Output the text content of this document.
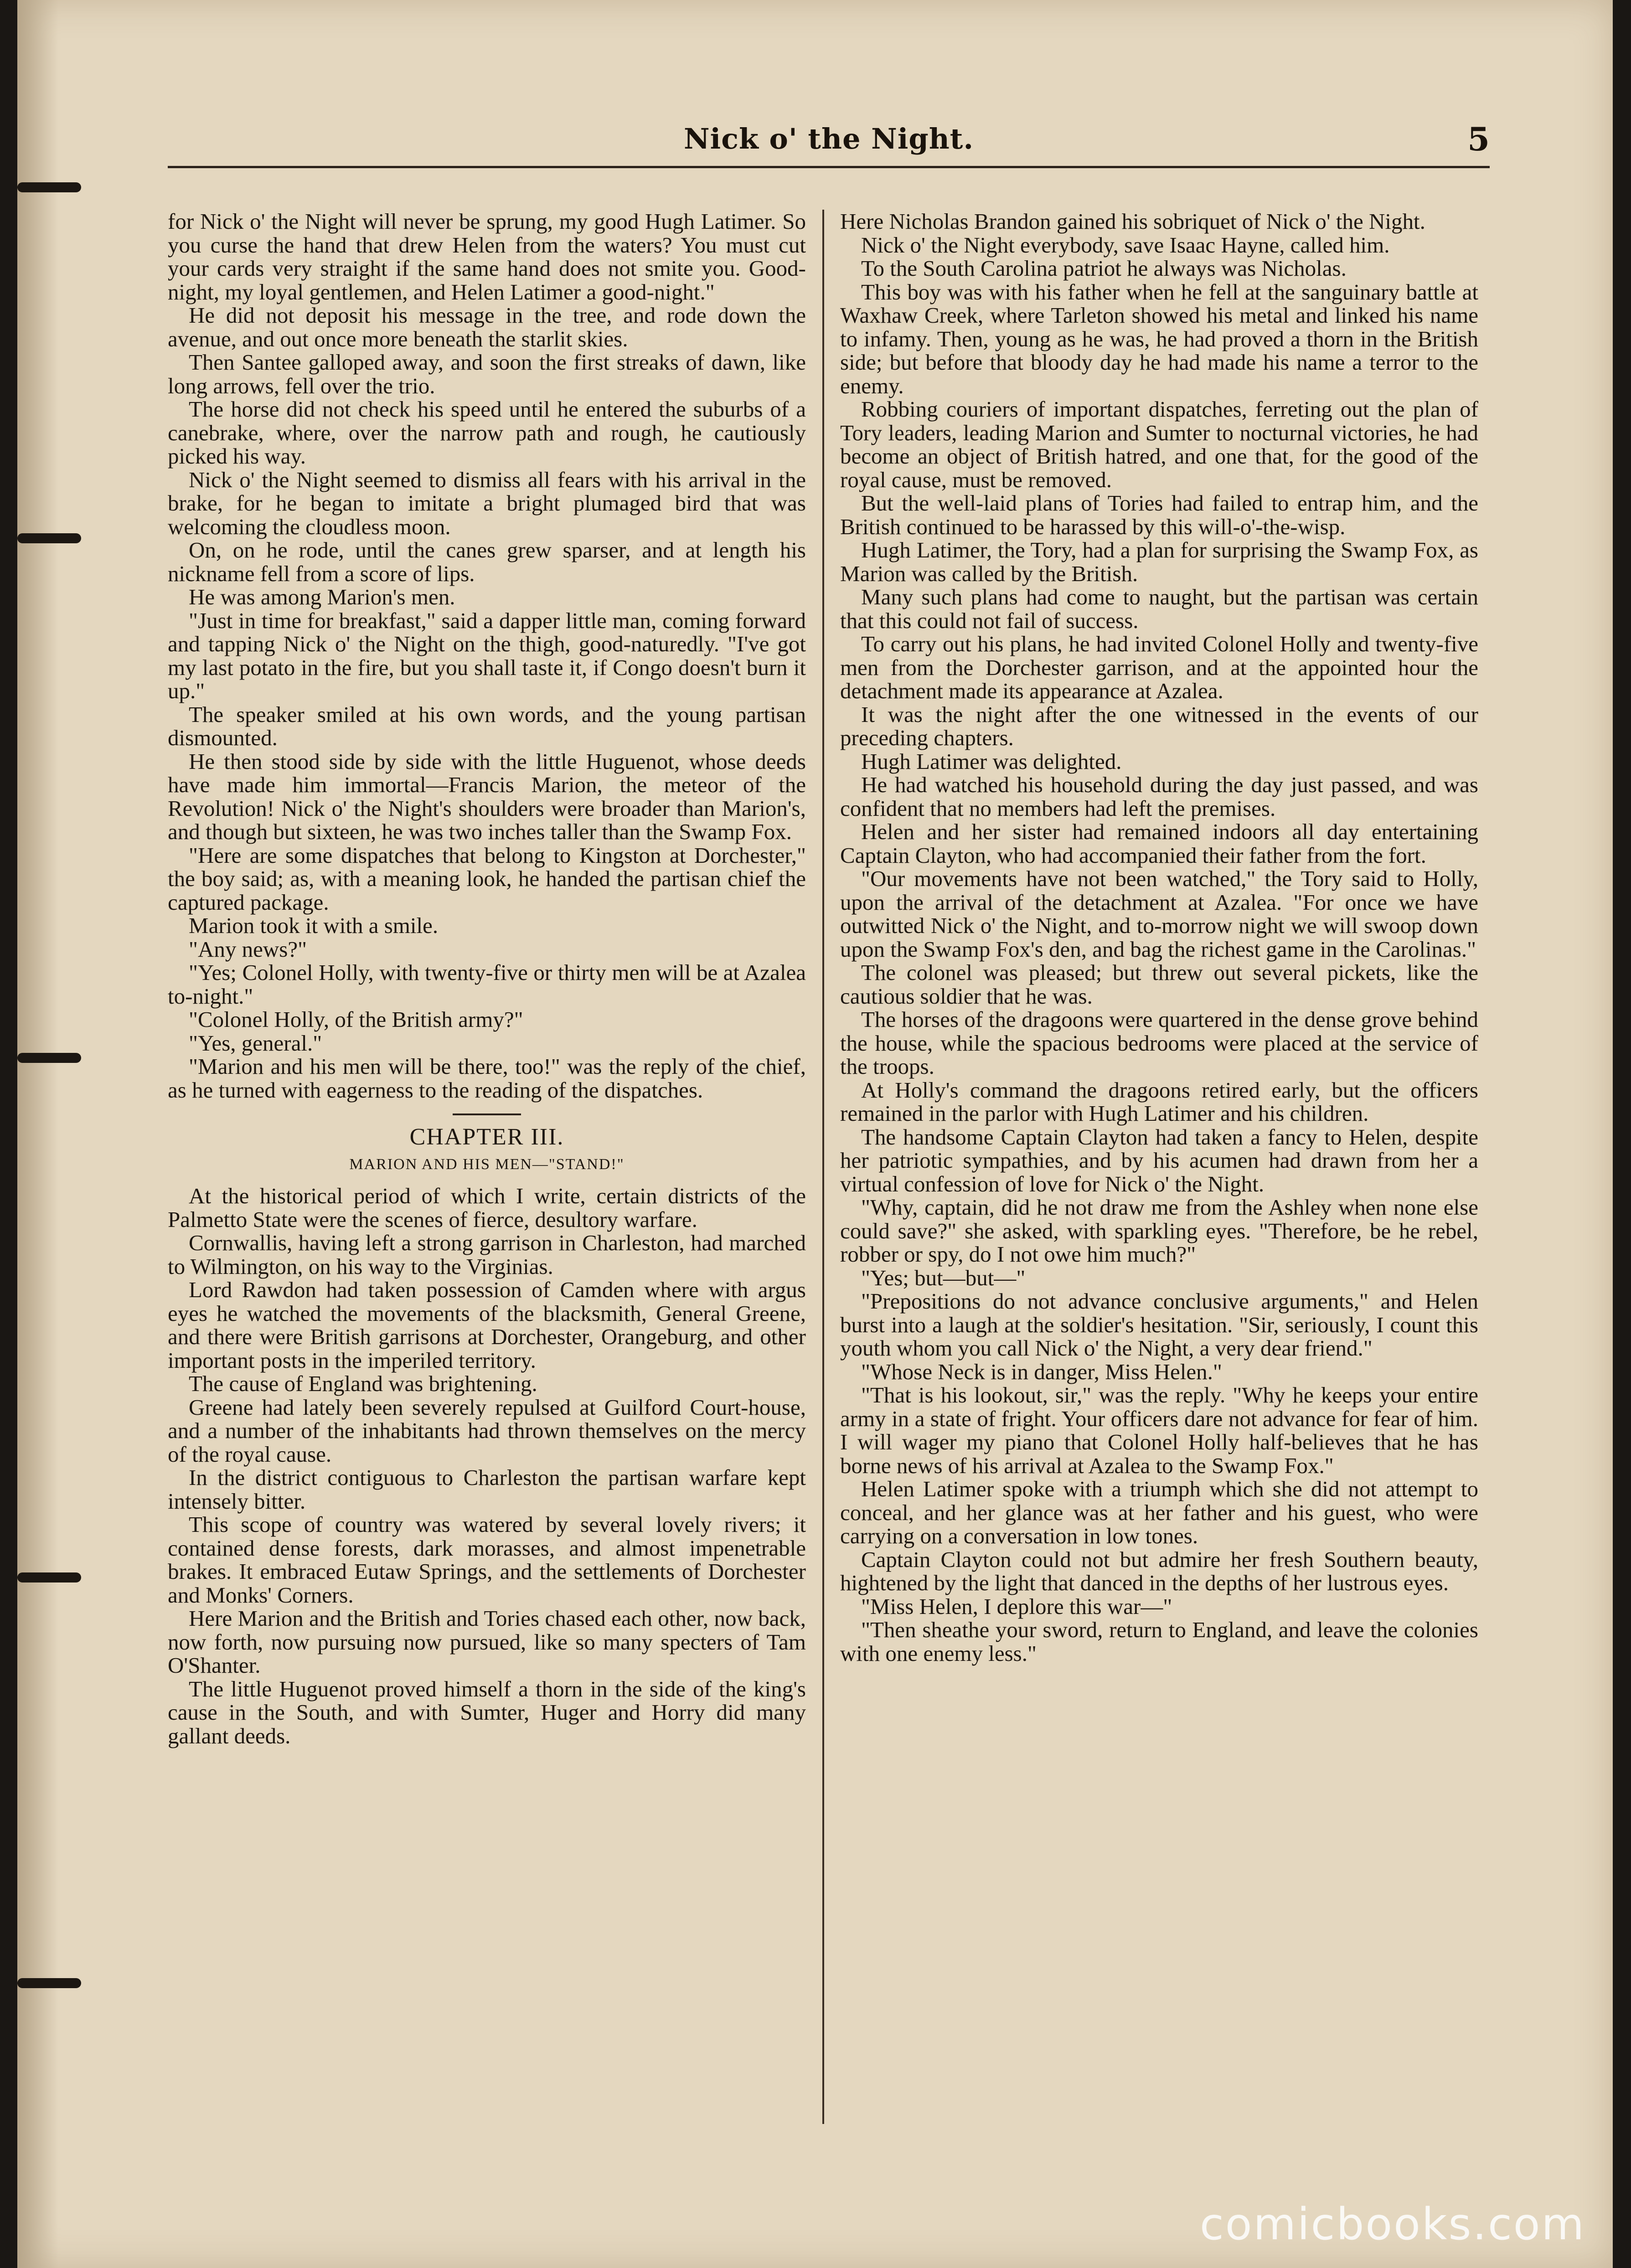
Nick o' the Night.	5

for Nick o' the Night will never be sprung, my good Hugh Latimer. So you curse the hand that drew Helen from the waters? You must cut your cards very straight if the same hand does not smite you. Good-night, my loyal gentlemen, and Helen Latimer a good-night."

He did not deposit his message in the tree, and rode down the avenue, and out once more beneath the starlit skies.

Then Santee galloped away, and soon the first streaks of dawn, like long arrows, fell over the trio.

The horse did not check his speed until he entered the suburbs of a canebrake, where, over the narrow path and rough, he cautiously picked his way.

Nick o' the Night seemed to dismiss all fears with his arrival in the brake, for he began to imitate a bright plumaged bird that was welcoming the cloudless moon.

On, on he rode, until the canes grew sparser, and at length his nickname fell from a score of lips.

He was among Marion's men.

"Just in time for breakfast," said a dapper little man, coming forward and tapping Nick o' the Night on the thigh, good-naturedly. "I've got my last potato in the fire, but you shall taste it, if Congo doesn't burn it up."

The speaker smiled at his own words, and the young partisan dismounted.

He then stood side by side with the little Huguenot, whose deeds have made him immortal—Francis Marion, the meteor of the Revolution! Nick o' the Night's shoulders were broader than Marion's, and though but sixteen, he was two inches taller than the Swamp Fox.

"Here are some dispatches that belong to Kingston at Dorchester," the boy said; as, with a meaning look, he handed the partisan chief the captured package.

Marion took it with a smile.

"Any news?"

"Yes; Colonel Holly, with twenty-five or thirty men will be at Azalea to-night."

"Colonel Holly, of the British army?"

"Yes, general."

"Marion and his men will be there, too!" was the reply of the chief, as he turned with eagerness to the reading of the dispatches.

CHAPTER III.
MARION AND HIS MEN—"STAND!"

At the historical period of which I write, certain districts of the Palmetto State were the scenes of fierce, desultory warfare.

Cornwallis, having left a strong garrison in Charleston, had marched to Wilmington, on his way to the Virginias.

Lord Rawdon had taken possession of Camden where with argus eyes he watched the movements of the blacksmith, General Greene, and there were British garrisons at Dorchester, Orangeburg, and other important posts in the imperiled territory.

The cause of England was brightening.

Greene had lately been severely repulsed at Guilford Court-house, and a number of the inhabitants had thrown themselves on the mercy of the royal cause.

In the district contiguous to Charleston the partisan warfare kept intensely bitter.

This scope of country was watered by several lovely rivers; it contained dense forests, dark morasses, and almost impenetrable brakes. It embraced Eutaw Springs, and the settlements of Dorchester and Monks' Corners.

Here Marion and the British and Tories chased each other, now back, now forth, now pursuing now pursued, like so many specters of Tam O'Shanter.

The little Huguenot proved himself a thorn in the side of the king's cause in the South, and with Sumter, Huger and Horry did many gallant deeds.

Here Nicholas Brandon gained his sobriquet of Nick o' the Night.

Nick o' the Night everybody, save Isaac Hayne, called him.

To the South Carolina patriot he always was Nicholas.

This boy was with his father when he fell at the sanguinary battle at Waxhaw Creek, where Tarleton showed his metal and linked his name to infamy. Then, young as he was, he had proved a thorn in the British side; but before that bloody day he had made his name a terror to the enemy.

Robbing couriers of important dispatches, ferreting out the plan of Tory leaders, leading Marion and Sumter to nocturnal victories, he had become an object of British hatred, and one that, for the good of the royal cause, must be removed.

But the well-laid plans of Tories had failed to entrap him, and the British continued to be harassed by this will-o'-the-wisp.

Hugh Latimer, the Tory, had a plan for surprising the Swamp Fox, as Marion was called by the British.

Many such plans had come to naught, but the partisan was certain that this could not fail of success.

To carry out his plans, he had invited Colonel Holly and twenty-five men from the Dorchester garrison, and at the appointed hour the detachment made its appearance at Azalea.

It was the night after the one witnessed in the events of our preceding chapters.

Hugh Latimer was delighted.

He had watched his household during the day just passed, and was confident that no members had left the premises.

Helen and her sister had remained indoors all day entertaining Captain Clayton, who had accompanied their father from the fort.

"Our movements have not been watched," the Tory said to Holly, upon the arrival of the detachment at Azalea. "For once we have outwitted Nick o' the Night, and to-morrow night we will swoop down upon the Swamp Fox's den, and bag the richest game in the Carolinas."

The colonel was pleased; but threw out several pickets, like the cautious soldier that he was.

The horses of the dragoons were quartered in the dense grove behind the house, while the spacious bedrooms were placed at the service of the troops.

At Holly's command the dragoons retired early, but the officers remained in the parlor with Hugh Latimer and his children.

The handsome Captain Clayton had taken a fancy to Helen, despite her patriotic sympathies, and by his acumen had drawn from her a virtual confession of love for Nick o' the Night.

"Why, captain, did he not draw me from the Ashley when none else could save?" she asked, with sparkling eyes. "Therefore, be he rebel, robber or spy, do I not owe him much?"

"Yes; but—but—"

"Prepositions do not advance conclusive arguments," and Helen burst into a laugh at the soldier's hesitation. "Sir, seriously, I count this youth whom you call Nick o' the Night, a very dear friend."

"Whose Neck is in danger, Miss Helen."

"That is his lookout, sir," was the reply. "Why he keeps your entire army in a state of fright. Your officers dare not advance for fear of him. I will wager my piano that Colonel Holly half-believes that he has borne news of his arrival at Azalea to the Swamp Fox."

Helen Latimer spoke with a triumph which she did not attempt to conceal, and her glance was at her father and his guest, who were carrying on a conversation in low tones.

Captain Clayton could not but admire her fresh Southern beauty, hightened by the light that danced in the depths of her lustrous eyes.

"Miss Helen, I deplore this war—"

"Then sheathe your sword, return to England, and leave the colonies with one enemy less."

comicbooks.com
